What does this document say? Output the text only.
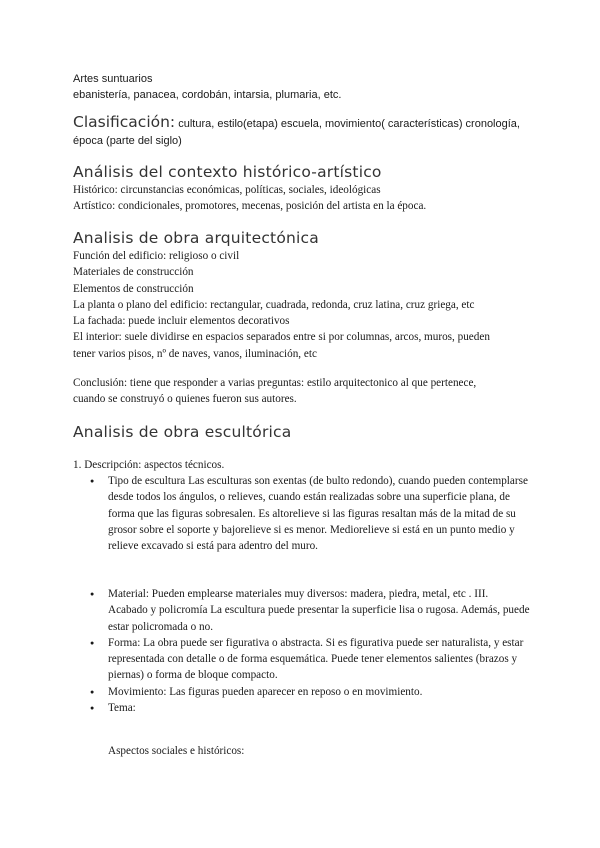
Artes suntuarios
ebanistería, panacea, cordobán, intarsia, plumaria, etc.
Clasificación: cultura, estilo(etapa) escuela, movimiento( características) cronología,
época (parte del siglo)
Análisis del contexto histórico-artístico
Histórico: circunstancias económicas, políticas, sociales, ideológicas
Artístico: condicionales, promotores, mecenas, posición del artista en la época.
Analisis de obra arquitectónica
Función del edificio: religioso o civil
Materiales de construcción
Elementos de construcción
La planta o plano del edificio: rectangular, cuadrada, redonda, cruz latina, cruz griega, etc
La fachada: puede incluir elementos decorativos
El interior: suele dividirse en espacios separados entre si por columnas, arcos, muros, pueden
tener varios pisos, nº de naves, vanos, iluminación, etc
Conclusión: tiene que responder a varias preguntas: estilo arquitectonico al que pertenece,
cuando se construyó o quienes fueron sus autores.
Analisis de obra escultórica
1. Descripción: aspectos técnicos.
● Tipo de escultura Las esculturas son exentas (de bulto redondo), cuando pueden contemplarse desde todos los ángulos, o relieves, cuando están realizadas sobre una superficie plana, de forma que las figuras sobresalen. Es altorelieve si las figuras resaltan más de la mitad de su grosor sobre el soporte y bajorelieve si es menor. Mediorelieve si está en un punto medio y relieve excavado si está para adentro del muro.
● Material: Pueden emplearse materiales muy diversos: madera, piedra, metal, etc . III. Acabado y policromía La escultura puede presentar la superficie lisa o rugosa. Además, puede estar policromada o no.
● Forma: La obra puede ser figurativa o abstracta. Si es figurativa puede ser naturalista, y estar representada con detalle o de forma esquemática. Puede tener elementos salientes (brazos y piernas) o forma de bloque compacto.
● Movimiento: Las figuras pueden aparecer en reposo o en movimiento.
● Tema:
Aspectos sociales e históricos:
